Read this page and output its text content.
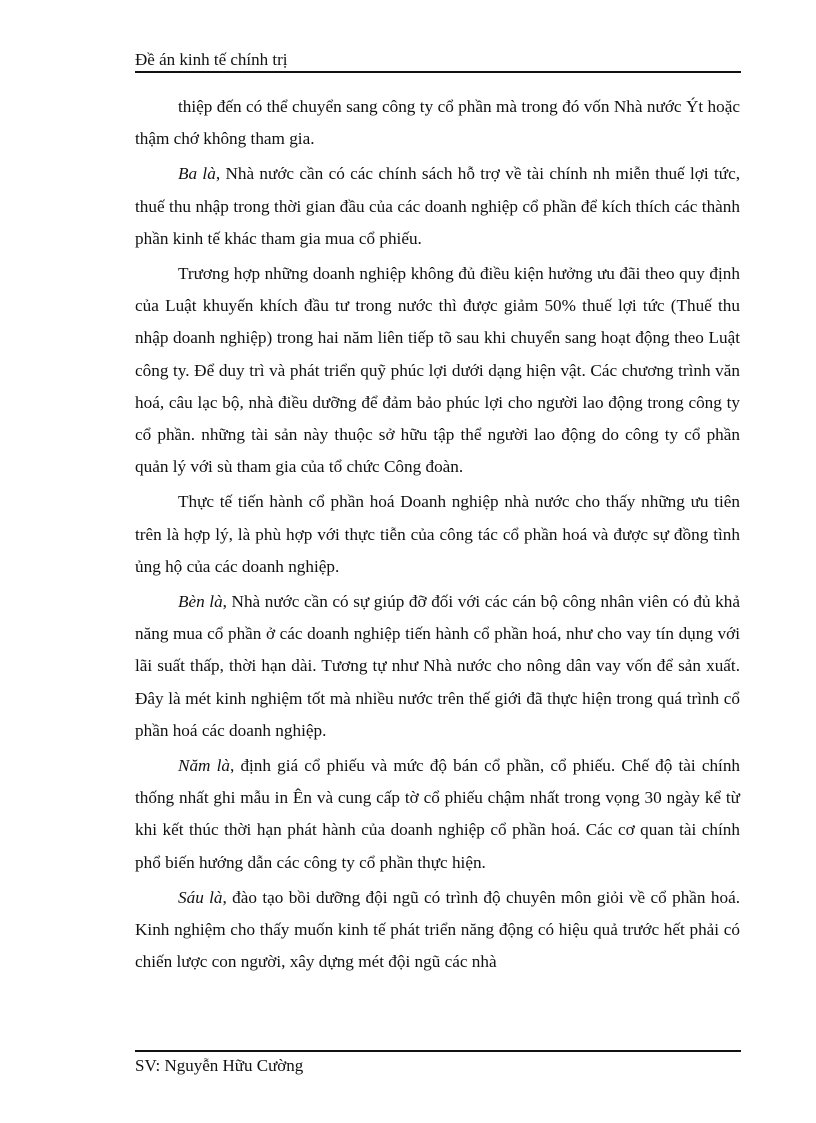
Đề án kinh tế chính trị

thiệp đến có thể chuyển sang công ty cổ phần mà trong đó vốn Nhà nước Ýt hoặc thậm chớ không tham gia.

Ba là, Nhà nước cần có các chính sách hỗ trợ về tài chính nh miễn thuế lợi tức, thuế thu nhập trong thời gian đầu của các doanh nghiệp cổ phần để kích thích các thành phần kinh tế khác tham gia mua cổ phiếu.

Trương hợp những doanh nghiệp không đủ điều kiện hưởng ưu đãi theo quy định của Luật khuyến khích đầu tư trong nước thì được giảm 50% thuế lợi tức (Thuế thu nhập doanh nghiệp) trong hai năm liên tiếp tõ sau khi chuyển sang hoạt động theo Luật công ty. Để duy trì và phát triển quỹ phúc lợi dưới dạng hiện vật. Các chương trình văn hoá, câu lạc bộ, nhà điều dưỡng để đảm bảo phúc lợi cho người lao động trong công ty cổ phần. những tài sản này thuộc sở hữu tập thể người lao động do công ty cổ phần quản lý với sù tham gia của tổ chức Công đoàn.

Thực tế tiến hành cổ phần hoá Doanh nghiệp nhà nước cho thấy những ưu tiên trên là hợp lý, là phù hợp với thực tiễn của công tác cổ phần hoá và được sự đồng tình ủng hộ của các doanh nghiệp.

Bèn là, Nhà nước cần có sự giúp đỡ đối với các cán bộ công nhân viên có đủ khả năng mua cổ phần ở các doanh nghiệp tiến hành cổ phần hoá, như cho vay tín dụng với lãi suất thấp, thời hạn dài. Tương tự như Nhà nước cho nông dân vay vốn để sản xuất. Đây là mét kinh nghiệm tốt mà nhiều nước trên thế giới đã thực hiện trong quá trình cổ phần hoá các doanh nghiệp.

Năm là, định giá cổ phiếu và mức độ bán cổ phần, cổ phiếu. Chế độ tài chính thống nhất ghi mẫu in Ên và cung cấp tờ cổ phiếu chậm nhất trong vọng 30 ngày kể từ khi kết thúc thời hạn phát hành của doanh nghiệp cổ phần hoá. Các cơ quan tài chính phổ biến hướng dẫn các công ty cổ phần thực hiện.

Sáu là, đào tạo bồi dưỡng đội ngũ có trình độ chuyên môn giỏi về cổ phần hoá. Kinh nghiệm cho thấy muốn kinh tế phát triển năng động có hiệu quả trước hết phải có chiến lược con người, xây dựng mét đội ngũ các nhà

SV: Nguyễn Hữu Cường
